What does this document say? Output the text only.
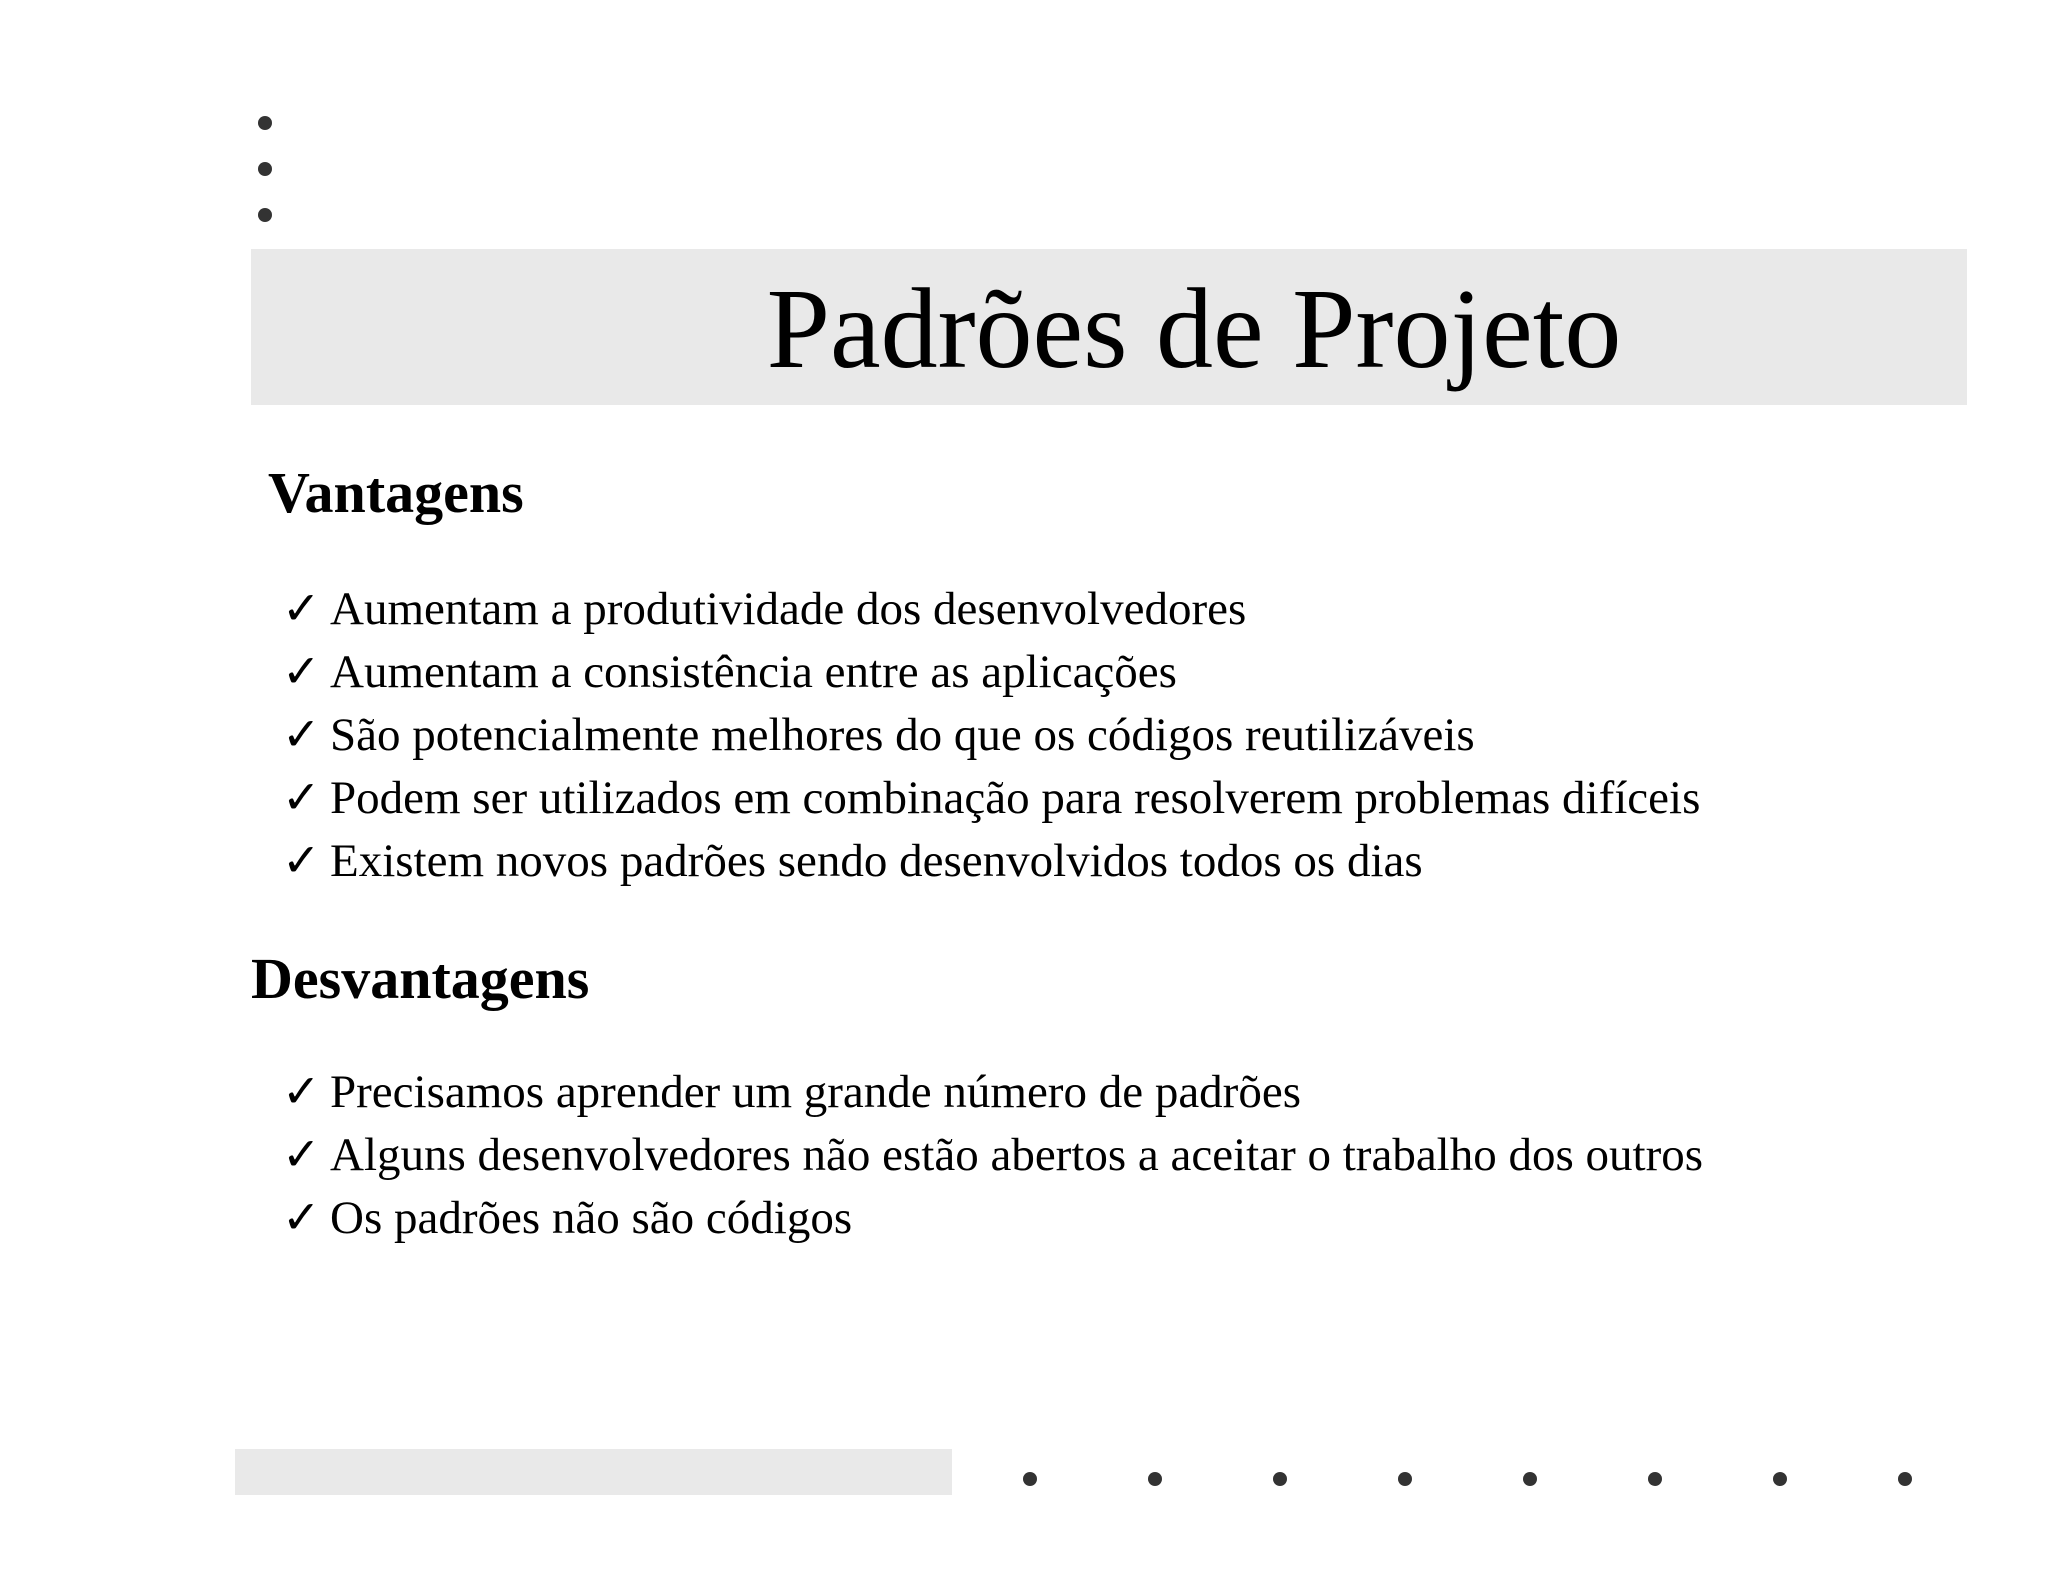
Padrões de Projeto
Vantagens
✓ Aumentam a produtividade dos desenvolvedores
✓ Aumentam a consistência entre as aplicações
✓ São potencialmente melhores do que os códigos reutilizáveis
✓ Podem ser utilizados em combinação para resolverem problemas difíceis
✓ Existem novos padrões sendo desenvolvidos todos os dias
Desvantagens
✓ Precisamos aprender um grande número de padrões
✓ Alguns desenvolvedores não estão abertos a aceitar o trabalho dos outros
✓ Os padrões não são códigos
